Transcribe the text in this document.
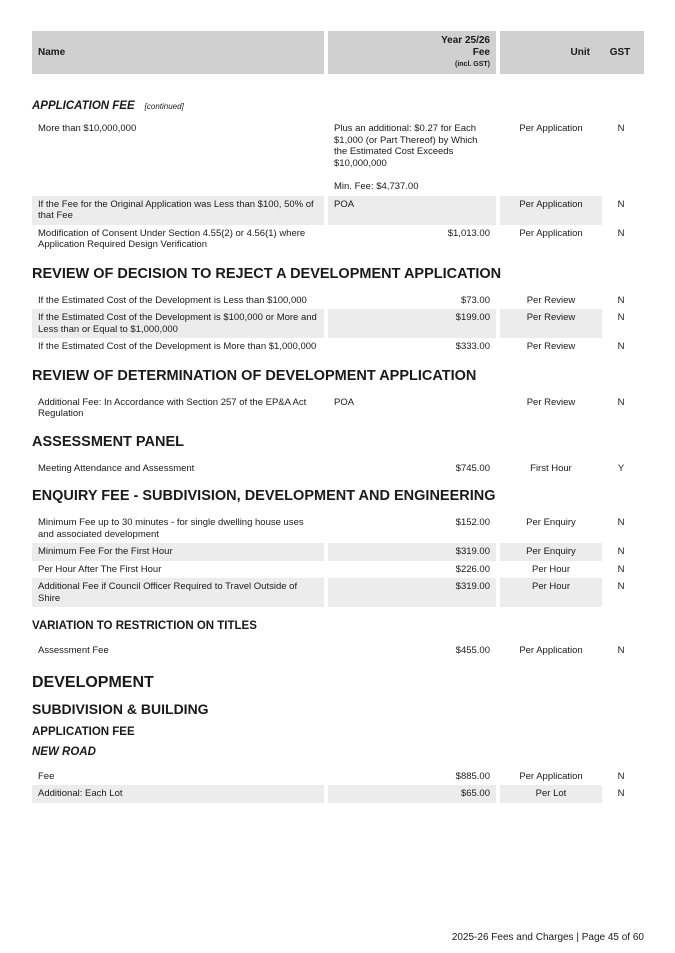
Name
Year 25/26
Fee
(incl. GST)
Unit	GST
APPLICATION FEE [continued]
More than $10,000,000	Plus an additional: $0.27 for Each $1,000 (or Part Thereof) by Which the Estimated Cost Exceeds $10,000,000
Min. Fee: $4,737.00
Per Application	N
If the Fee for the Original Application was Less than $100, 50% of that Fee
POA	Per Application	N
Modification of Consent Under Section 4.55(2) or 4.56(1) where Application Required Design Verification
$1,013.00	Per Application	N
REVIEW OF DECISION TO REJECT A DEVELOPMENT APPLICATION
If the Estimated Cost of the Development is Less than $100,000	$73.00	Per Review	N
If the Estimated Cost of the Development is $100,000 or More and Less than or Equal to $1,000,000
$199.00	Per Review	N
If the Estimated Cost of the Development is More than $1,000,000	$333.00	Per Review	N
REVIEW OF DETERMINATION OF DEVELOPMENT APPLICATION
Additional Fee: In Accordance with Section 257 of the EP&A Act Regulation
POA	Per Review	N
ASSESSMENT PANEL
Meeting Attendance and Assessment	$745.00	First Hour	Y
ENQUIRY FEE - SUBDIVISION, DEVELOPMENT AND ENGINEERING
Minimum Fee up to 30 minutes - for single dwelling house uses and associated development
$152.00	Per Enquiry	N
Minimum Fee For the First Hour	$319.00	Per Enquiry	N
Per Hour After The First Hour	$226.00	Per Hour	N
Additional Fee if Council Officer Required to Travel Outside of Shire
$319.00	Per Hour	N
VARIATION TO RESTRICTION ON TITLES
Assessment Fee	$455.00	Per Application	N
DEVELOPMENT
SUBDIVISION & BUILDING
APPLICATION FEE
NEW ROAD
Fee	$885.00	Per Application	N
Additional: Each Lot	$65.00	Per Lot	N
2025-26 Fees and Charges | Page 45 of 60
